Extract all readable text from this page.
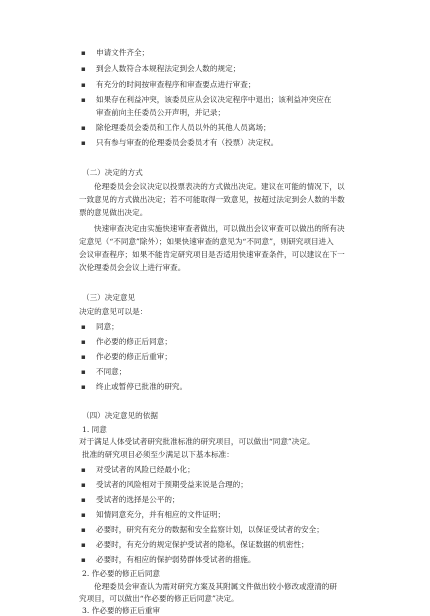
▪ 申请文件齐全；
▪ 到会人数符合本规程法定到会人数的规定；
▪ 有充分的时间按审查程序和审查要点进行审查；
▪ 如果存在利益冲突，该委员应从会议决定程序中退出；该利益冲突应在
审查前向主任委员公开声明，并记录；
▪ 除伦理委员会委员和工作人员以外的其他人员离场；
▪ 只有参与审查的伦理委员会委员才有（投票）决定权。
（二）决定的方式
伦理委员会会议决定以投票表决的方式做出决定。建议在可能的情况下，以
一致意见的方式做出决定；若不可能取得一致意见，按超过法定到会人数的半数
票的意见做出决定。
快速审查决定由实施快速审查者做出，可以做出会议审查可以做出的所有决
定意见（“不同意”除外）；如果快速审查的意见为“不同意”，则研究项目进入
会议审查程序；如果不能肯定研究项目是否适用快速审查条件，可以建议在下一
次伦理委员会会议上进行审查。
（三）决定意见
决定的意见可以是：
▪ 同意；
▪ 作必要的修正后同意；
▪ 作必要的修正后重审；
▪ 不同意；
▪ 终止或暂停已批准的研究。
（四）决定意见的依据
1. 同意
对于满足人体受试者研究批准标准的研究项目，可以做出“同意”决定。
批准的研究项目必须至少满足以下基本标准：
▪ 对受试者的风险已经最小化；
▪ 受试者的风险相对于预期受益来说是合理的；
▪ 受试者的选择是公平的；
▪ 知情同意充分，并有相应的文件证明；
▪ 必要时，研究有充分的数据和安全监察计划，以保证受试者的安全；
▪ 必要时，有充分的规定保护受试者的隐私，保证数据的机密性；
▪ 必要时，有相应的保护弱势群体受试者的措施。
2. 作必要的修正后同意
伦理委员会审查认为需对研究方案及其附属文件做出较小修改或澄清的研
究项目，可以做出“作必要的修正后同意”决定。
3. 作必要的修正后重审
